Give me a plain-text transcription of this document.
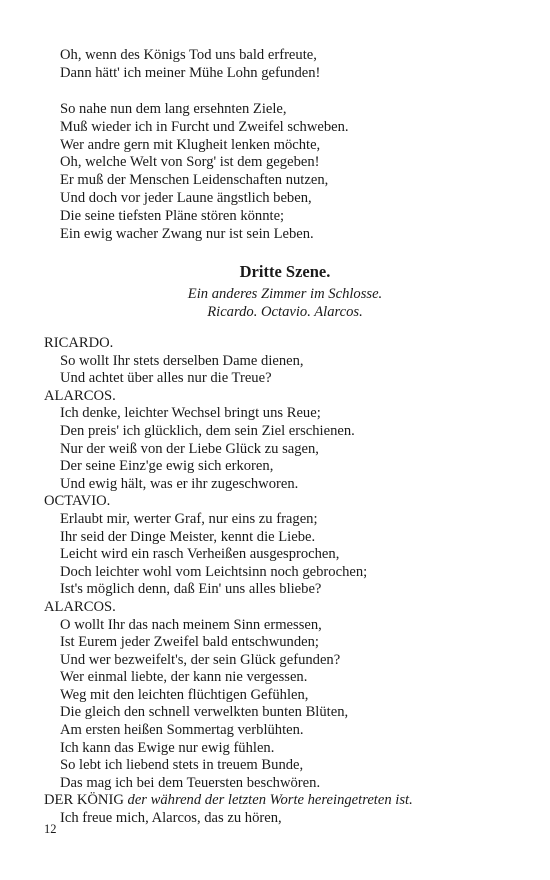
Oh, wenn des Königs Tod uns bald erfreute,
Dann hätt' ich meiner Mühe Lohn gefunden!
So nahe nun dem lang ersehnten Ziele,
Muß wieder ich in Furcht und Zweifel schweben.
Wer andre gern mit Klugheit lenken möchte,
Oh, welche Welt von Sorg' ist dem gegeben!
Er muß der Menschen Leidenschaften nutzen,
Und doch vor jeder Laune ängstlich beben,
Die seine tiefsten Pläne stören könnte;
Ein ewig wacher Zwang nur ist sein Leben.
Dritte Szene.
Ein anderes Zimmer im Schlosse.
Ricardo. Octavio. Alarcos.
RICARDO.
So wollt Ihr stets derselben Dame dienen,
Und achtet über alles nur die Treue?
ALARCOS.
Ich denke, leichter Wechsel bringt uns Reue;
Den preis' ich glücklich, dem sein Ziel erschienen.
Nur der weiß von der Liebe Glück zu sagen,
Der seine Einz'ge ewig sich erkoren,
Und ewig hält, was er ihr zugeschworen.
OCTAVIO.
Erlaubt mir, werter Graf, nur eins zu fragen;
Ihr seid der Dinge Meister, kennt die Liebe.
Leicht wird ein rasch Verheißen ausgesprochen,
Doch leichter wohl vom Leichtsinn noch gebrochen;
Ist's möglich denn, daß Ein' uns alles bliebe?
ALARCOS.
O wollt Ihr das nach meinem Sinn ermessen,
Ist Eurem jeder Zweifel bald entschwunden;
Und wer bezweifelt's, der sein Glück gefunden?
Wer einmal liebte, der kann nie vergessen.
Weg mit den leichten flüchtigen Gefühlen,
Die gleich den schnell verwelkten bunten Blüten,
Am ersten heißen Sommertag verblühten.
Ich kann das Ewige nur ewig fühlen.
So lebt ich liebend stets in treuem Bunde,
Das mag ich bei dem Teuersten beschwören.
DER KÖNIG der während der letzten Worte hereingetreten ist.
Ich freue mich, Alarcos, das zu hören,
12
